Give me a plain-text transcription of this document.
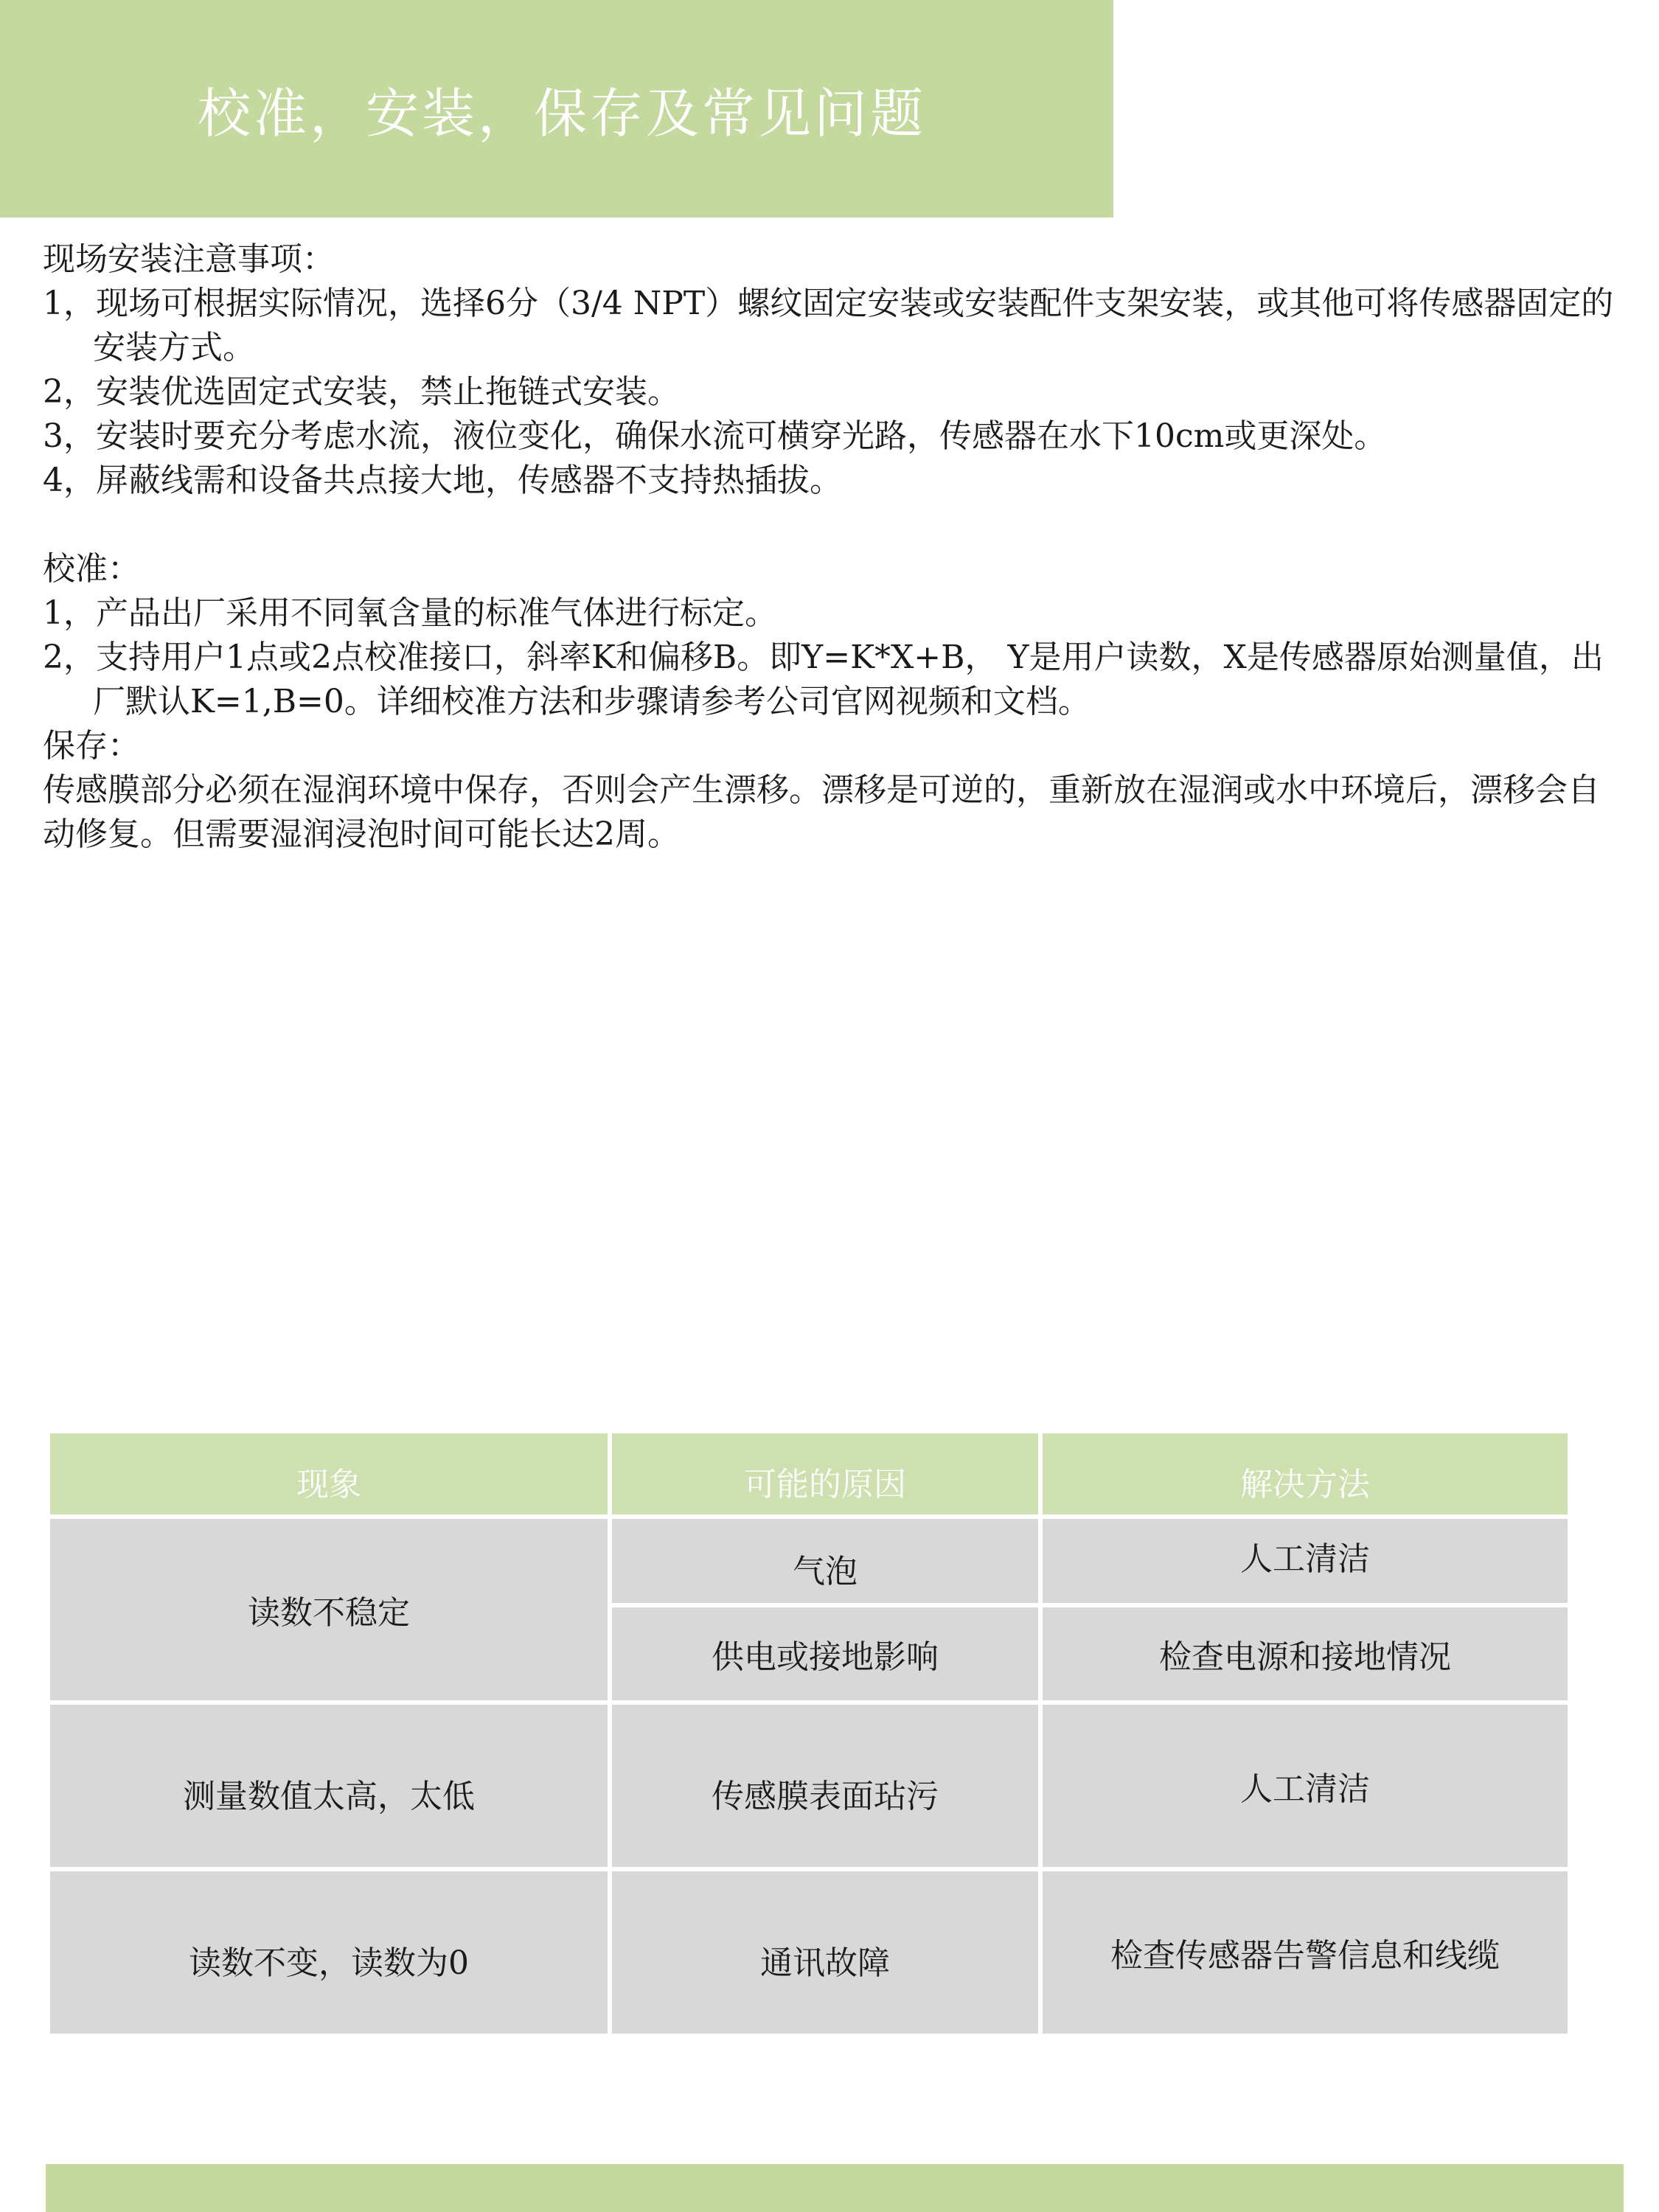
校准，安装，保存及常见问题

现场安装注意事项：

1，现场可根据实际情况，选择6分（3/4 NPT）螺纹固定安装或安装配件支架安装，或其他可将传感器固定的安装方式。

2，安装优选固定式安装，禁止拖链式安装。

3，安装时要充分考虑水流，液位变化，确保水流可横穿光路，传感器在水下10cm或更深处。

4，屏蔽线需和设备共点接大地，传感器不支持热插拔。

校准：

1，产品出厂采用不同氧含量的标准气体进行标定。

2，支持用户1点或2点校准接口，斜率K和偏移B。即Y=K*X+B， Y是用户读数，X是传感器原始测量值，出厂默认K=1,B=0。详细校准方法和步骤请参考公司官网视频和文档。

保存：

传感膜部分必须在湿润环境中保存，否则会产生漂移。漂移是可逆的，重新放在湿润或水中环境后，漂移会自动修复。但需要湿润浸泡时间可能长达2周。

现象	可能的原因	解决方法
读数不稳定	气泡	人工清洁
	供电或接地影响	检查电源和接地情况
测量数值太高，太低	传感膜表面玷污	人工清洁
读数不变，读数为0	通讯故障	检查传感器告警信息和线缆
